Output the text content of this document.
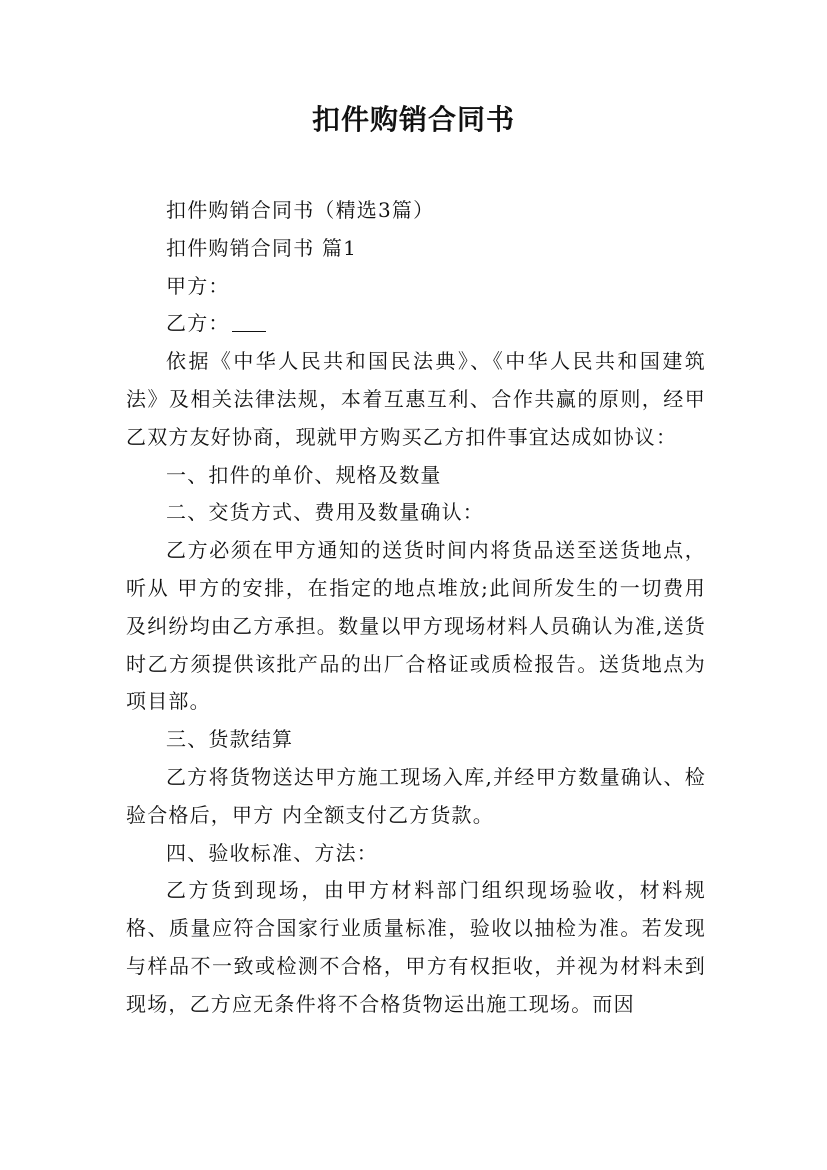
扣件购销合同书

扣件购销合同书（精选3篇）

扣件购销合同书 篇1

甲方：

乙方：

依据《中华人民共和国民法典》、《中华人民共和国建筑法》及相关法律法规，本着互惠互利、合作共赢的原则，经甲乙双方友好协商，现就甲方购买乙方扣件事宜达成如协议：

一、扣件的单价、规格及数量

二、交货方式、费用及数量确认：

乙方必须在甲方通知的送货时间内将货品送至送货地点，听从 甲方的安排，在指定的地点堆放;此间所发生的一切费用及纠纷均由乙方承担。数量以甲方现场材料人员确认为准,送货时乙方须提供该批产品的出厂合格证或质检报告。送货地点为 项目部。

三、货款结算

乙方将货物送达甲方施工现场入库,并经甲方数量确认、检验合格后，甲方 内全额支付乙方货款。

四、验收标准、方法：

乙方货到现场，由甲方材料部门组织现场验收，材料规格、质量应符合国家行业质量标准，验收以抽检为准。若发现与样品不一致或检测不合格，甲方有权拒收，并视为材料未到现场，乙方应无条件将不合格货物运出施工现场。而因
